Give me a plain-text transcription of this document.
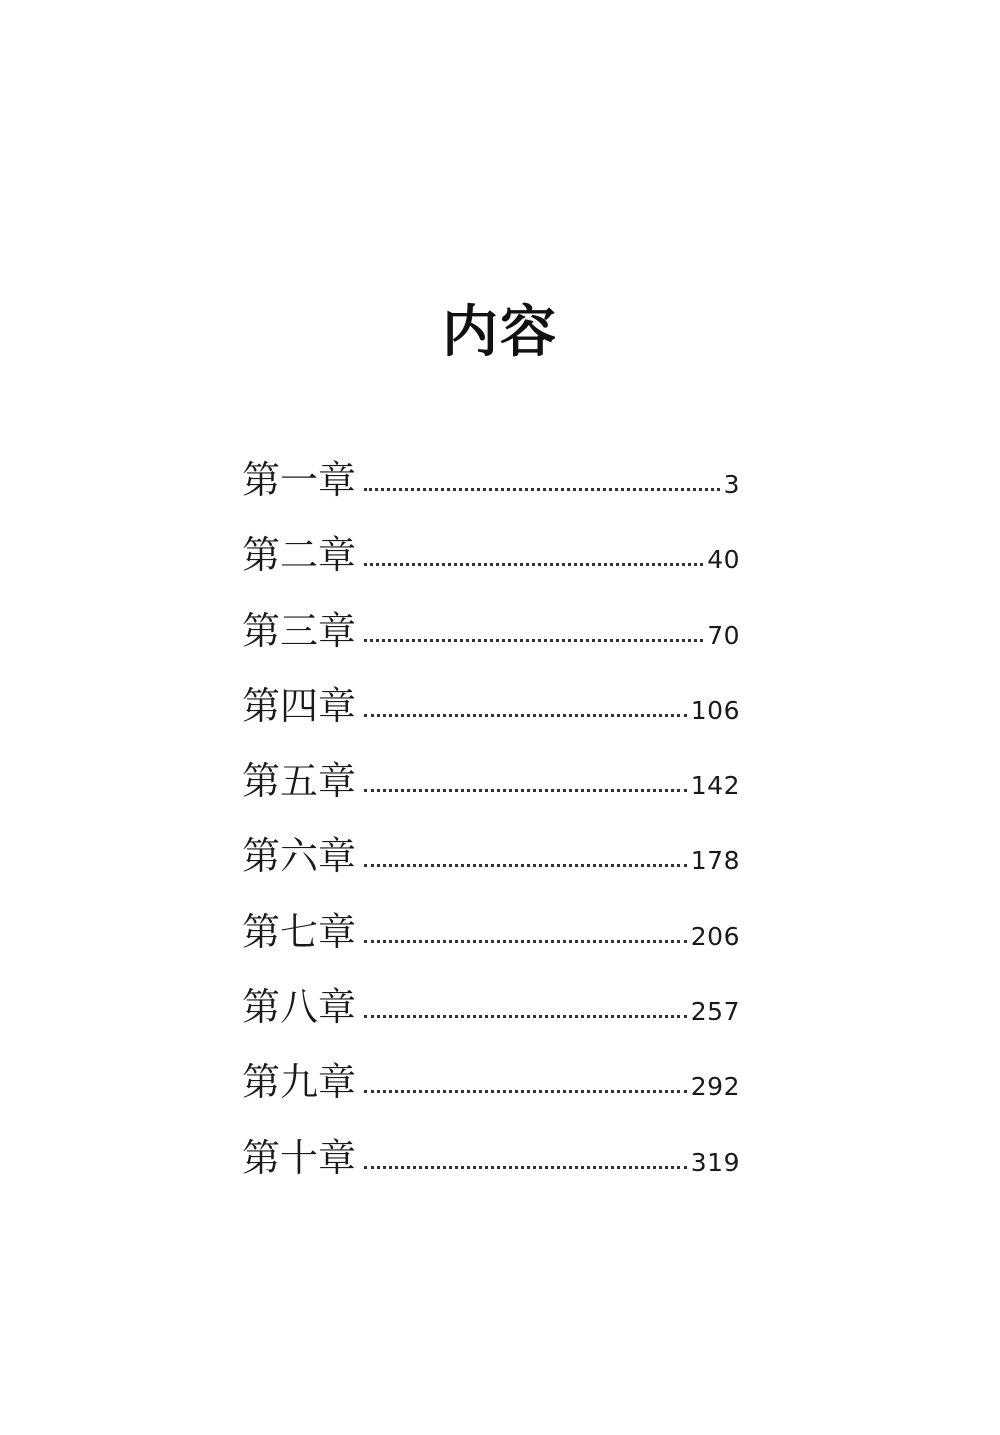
内容
第一章	3
第二章	40
第三章	70
第四章	106
第五章	142
第六章	178
第七章	206
第八章	257
第九章	292
第十章	319
